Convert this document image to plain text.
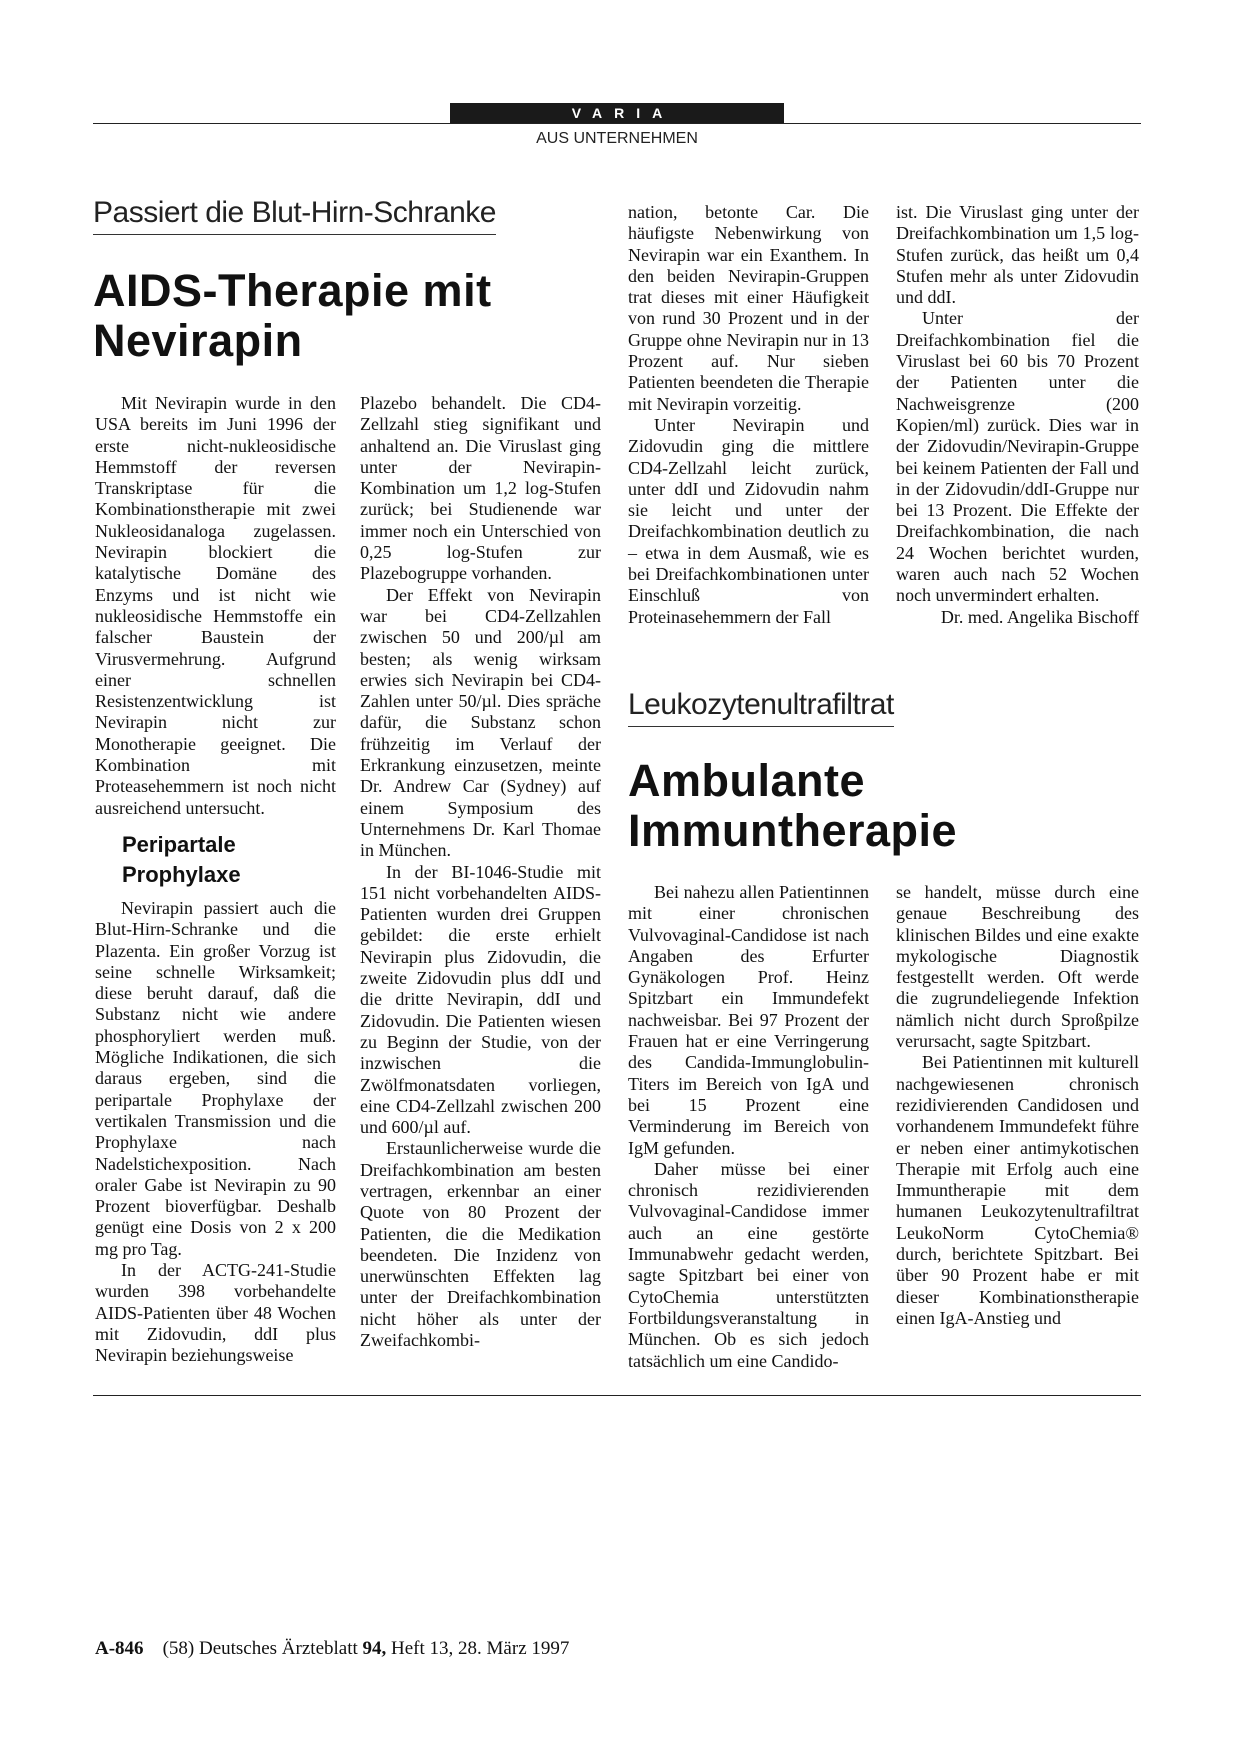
VARIA
AUS UNTERNEHMEN
Passiert die Blut-Hirn-Schranke
AIDS-Therapie mit
Nevirapin

Mit Nevirapin wurde in den USA bereits im Juni 1996 der erste nicht-nukleosidische Hemmstoff der reversen Transkriptase für die Kombinationstherapie mit zwei Nukleosidanaloga zugelassen. Nevirapin blockiert die katalytische Domäne des Enzyms und ist nicht wie nukleosidische Hemmstoffe ein falscher Baustein der Virusvermehrung. Aufgrund einer schnellen Resistenzentwicklung ist Nevirapin nicht zur Monotherapie geeignet. Die Kombination mit Proteasehemmern ist noch nicht ausreichend untersucht.

Peripartale
Prophylaxe

Nevirapin passiert auch die Blut-Hirn-Schranke und die Plazenta. Ein großer Vorzug ist seine schnelle Wirksamkeit; diese beruht darauf, daß die Substanz nicht wie andere phosphoryliert werden muß. Mögliche Indikationen, die sich daraus ergeben, sind die peripartale Prophylaxe der vertikalen Transmission und die Prophylaxe nach Nadelstichexposition. Nach oraler Gabe ist Nevirapin zu 90 Prozent bioverfügbar. Deshalb genügt eine Dosis von 2 x 200 mg pro Tag.

In der ACTG-241-Studie wurden 398 vorbehandelte AIDS-Patienten über 48 Wochen mit Zidovudin, ddI plus Nevirapin beziehungsweise

Plazebo behandelt. Die CD4-Zellzahl stieg signifikant und anhaltend an. Die Viruslast ging unter der Nevirapin-Kombination um 1,2 log-Stufen zurück; bei Studienende war immer noch ein Unterschied von 0,25 log-Stufen zur Plazebogruppe vorhanden.

Der Effekt von Nevirapin war bei CD4-Zellzahlen zwischen 50 und 200/µl am besten; als wenig wirksam erwies sich Nevirapin bei CD4-Zahlen unter 50/µl. Dies spräche dafür, die Substanz schon frühzeitig im Verlauf der Erkrankung einzusetzen, meinte Dr. Andrew Car (Sydney) auf einem Symposium des Unternehmens Dr. Karl Thomae in München.

In der BI-1046-Studie mit 151 nicht vorbehandelten AIDS-Patienten wurden drei Gruppen gebildet: die erste erhielt Nevirapin plus Zidovudin, die zweite Zidovudin plus ddI und die dritte Nevirapin, ddI und Zidovudin. Die Patienten wiesen zu Beginn der Studie, von der inzwischen die Zwölfmonatsdaten vorliegen, eine CD4-Zellzahl zwischen 200 und 600/µl auf.

Erstaunlicherweise wurde die Dreifachkombination am besten vertragen, erkennbar an einer Quote von 80 Prozent der Patienten, die die Medikation beendeten. Die Inzidenz von unerwünschten Effekten lag unter der Dreifachkombination nicht höher als unter der Zweifachkombi-

nation, betonte Car. Die häufigste Nebenwirkung von Nevirapin war ein Exanthem. In den beiden Nevirapin-Gruppen trat dieses mit einer Häufigkeit von rund 30 Prozent und in der Gruppe ohne Nevirapin nur in 13 Prozent auf. Nur sieben Patienten beendeten die Therapie mit Nevirapin vorzeitig.

Unter Nevirapin und Zidovudin ging die mittlere CD4-Zellzahl leicht zurück, unter ddI und Zidovudin nahm sie leicht und unter der Dreifachkombination deutlich zu – etwa in dem Ausmaß, wie es bei Dreifachkombinationen unter Einschluß von Proteinasehemmern der Fall

ist. Die Viruslast ging unter der Dreifachkombination um 1,5 log-Stufen zurück, das heißt um 0,4 Stufen mehr als unter Zidovudin und ddI.

Unter der Dreifachkombination fiel die Viruslast bei 60 bis 70 Prozent der Patienten unter die Nachweisgrenze (200 Kopien/ml) zurück. Dies war in der Zidovudin/Nevirapin-Gruppe bei keinem Patienten der Fall und in der Zidovudin/ddI-Gruppe nur bei 13 Prozent. Die Effekte der Dreifachkombination, die nach 24 Wochen berichtet wurden, waren auch nach 52 Wochen noch unvermindert erhalten.

Dr. med. Angelika Bischoff

Leukozytenultrafiltrat
Ambulante
Immuntherapie

Bei nahezu allen Patientinnen mit einer chronischen Vulvovaginal-Candidose ist nach Angaben des Erfurter Gynäkologen Prof. Heinz Spitzbart ein Immundefekt nachweisbar. Bei 97 Prozent der Frauen hat er eine Verringerung des Candida-Immunglobulin-Titers im Bereich von IgA und bei 15 Prozent eine Verminderung im Bereich von IgM gefunden.

Daher müsse bei einer chronisch rezidivierenden Vulvovaginal-Candidose immer auch an eine gestörte Immunabwehr gedacht werden, sagte Spitzbart bei einer von CytoChemia unterstützten Fortbildungsveranstaltung in München. Ob es sich jedoch tatsächlich um eine Candido-

se handelt, müsse durch eine genaue Beschreibung des klinischen Bildes und eine exakte mykologische Diagnostik festgestellt werden. Oft werde die zugrundeliegende Infektion nämlich nicht durch Sproßpilze verursacht, sagte Spitzbart.

Bei Patientinnen mit kulturell nachgewiesenen chronisch rezidivierenden Candidosen und vorhandenem Immundefekt führe er neben einer antimykotischen Therapie mit Erfolg auch eine Immuntherapie mit dem humanen Leukozytenultrafiltrat LeukoNorm CytoChemia® durch, berichtete Spitzbart. Bei über 90 Prozent habe er mit dieser Kombinationstherapie einen IgA-Anstieg und

A-846 (58) Deutsches Ärzteblatt 94, Heft 13, 28. März 1997
